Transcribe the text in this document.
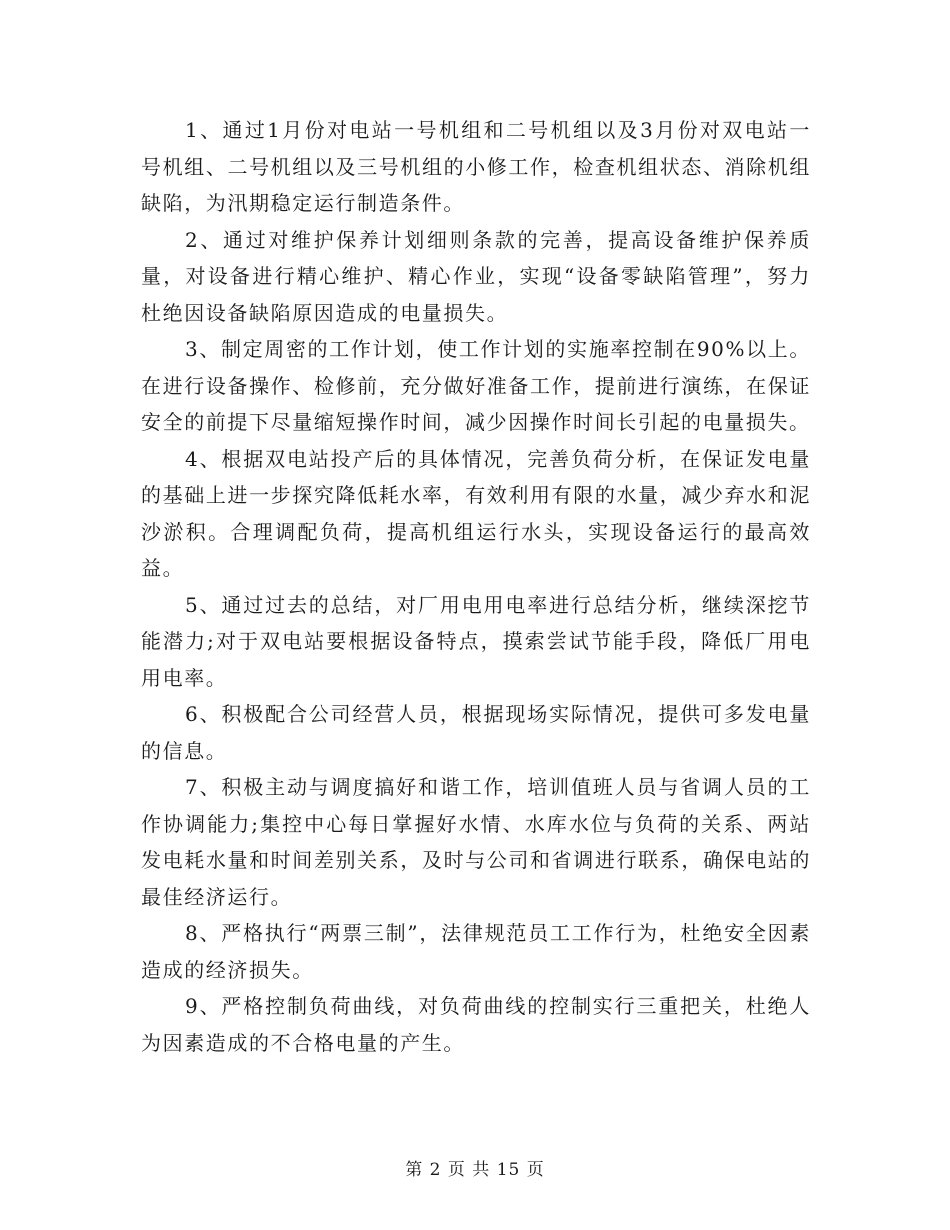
1、通过1月份对电站一号机组和二号机组以及3月份对双电站一号机组、二号机组以及三号机组的小修工作，检查机组状态、消除机组缺陷，为汛期稳定运行制造条件。

2、通过对维护保养计划细则条款的完善，提高设备维护保养质量，对设备进行精心维护、精心作业，实现“设备零缺陷管理”，努力杜绝因设备缺陷原因造成的电量损失。

3、制定周密的工作计划，使工作计划的实施率控制在90%以上。在进行设备操作、检修前，充分做好准备工作，提前进行演练，在保证安全的前提下尽量缩短操作时间，减少因操作时间长引起的电量损失。

4、根据双电站投产后的具体情况，完善负荷分析，在保证发电量的基础上进一步探究降低耗水率，有效利用有限的水量，减少弃水和泥沙淤积。合理调配负荷，提高机组运行水头，实现设备运行的最高效益。

5、通过过去的总结，对厂用电用电率进行总结分析，继续深挖节能潜力;对于双电站要根据设备特点，摸索尝试节能手段，降低厂用电用电率。

6、积极配合公司经营人员，根据现场实际情况，提供可多发电量的信息。

7、积极主动与调度搞好和谐工作，培训值班人员与省调人员的工作协调能力;集控中心每日掌握好水情、水库水位与负荷的关系、两站发电耗水量和时间差别关系，及时与公司和省调进行联系，确保电站的最佳经济运行。

8、严格执行“两票三制”，法律规范员工工作行为，杜绝安全因素造成的经济损失。

9、严格控制负荷曲线，对负荷曲线的控制实行三重把关，杜绝人为因素造成的不合格电量的产生。

第 2 页 共 15 页
